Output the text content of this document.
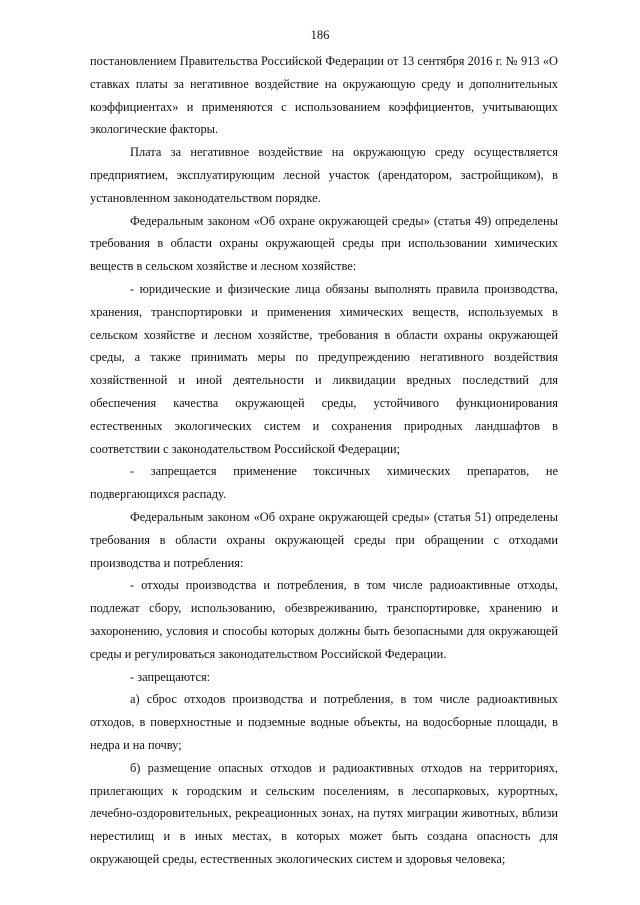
186

постановлением Правительства Российской Федерации от 13 сентября 2016 г. № 913 «О ставках платы за негативное воздействие на окружающую среду и дополнительных коэффициентах» и применяются с использованием коэффициентов, учитывающих экологические факторы.

Плата за негативное воздействие на окружающую среду осуществляется предприятием, эксплуатирующим лесной участок (арендатором, застройщиком), в установленном законодательством порядке.

Федеральным законом «Об охране окружающей среды» (статья 49) определены требования в области охраны окружающей среды при использовании химических веществ в сельском хозяйстве и лесном хозяйстве:

- юридические и физические лица обязаны выполнять правила производства, хранения, транспортировки и применения химических веществ, используемых в сельском хозяйстве и лесном хозяйстве, требования в области охраны окружающей среды, а также принимать меры по предупреждению негативного воздействия хозяйственной и иной деятельности и ликвидации вредных последствий для обеспечения качества окружающей среды, устойчивого функционирования естественных экологических систем и сохранения природных ландшафтов в соответствии с законодательством Российской Федерации;

- запрещается применение токсичных химических препаратов, не подвергающихся распаду.

Федеральным законом «Об охране окружающей среды» (статья 51) определены требования в области охраны окружающей среды при обращении с отходами производства и потребления:

- отходы производства и потребления, в том числе радиоактивные отходы, подлежат сбору, использованию, обезвреживанию, транспортировке, хранению и захоронению, условия и способы которых должны быть безопасными для окружающей среды и регулироваться законодательством Российской Федерации.

- запрещаются:

а) сброс отходов производства и потребления, в том числе радиоактивных отходов, в поверхностные и подземные водные объекты, на водосборные площади, в недра и на почву;

б) размещение опасных отходов и радиоактивных отходов на территориях, прилегающих к городским и сельским поселениям, в лесопарковых, курортных, лечебно-оздоровительных, рекреационных зонах, на путях миграции животных, вблизи нерестилищ и в иных местах, в которых может быть создана опасность для окружающей среды, естественных экологических систем и здоровья человека;
